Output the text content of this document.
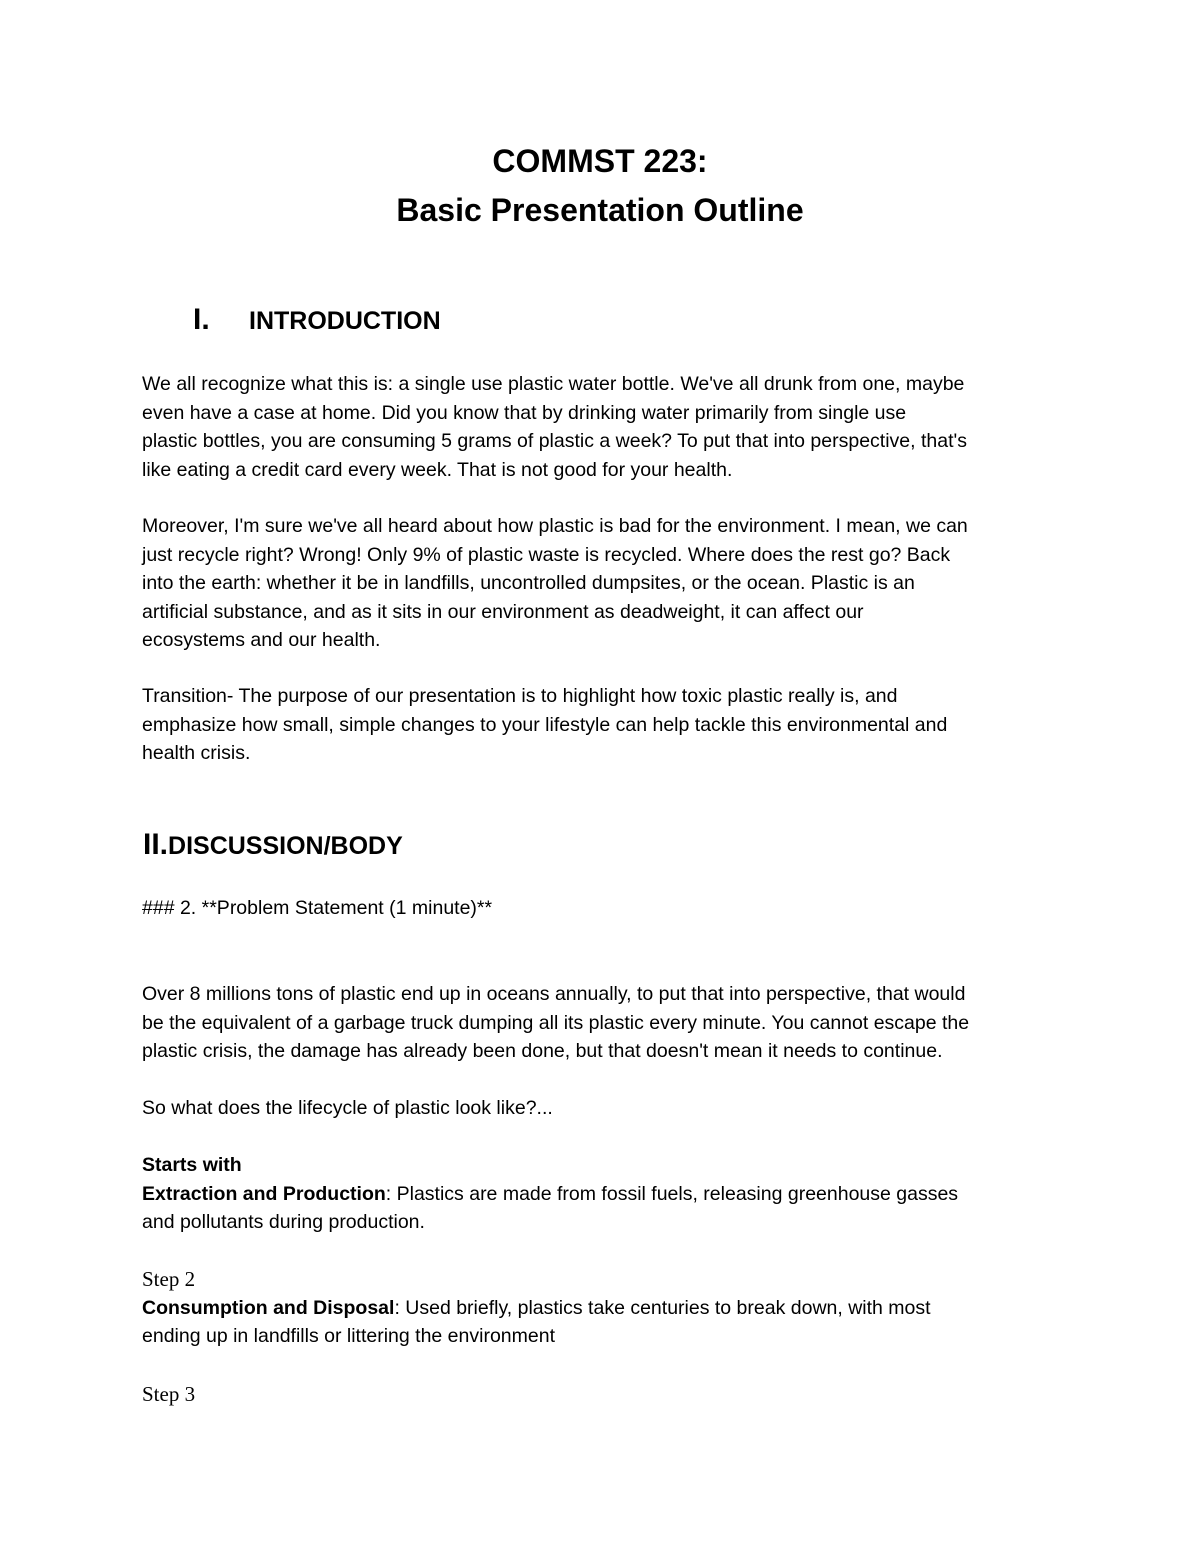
COMMST 223:
Basic Presentation Outline
I. INTRODUCTION

We all recognize what this is: a single use plastic water bottle. We've all drunk from one, maybe
even have a case at home. Did you know that by drinking water primarily from single use
plastic bottles, you are consuming 5 grams of plastic a week? To put that into perspective, that's
like eating a credit card every week. That is not good for your health.

Moreover, I'm sure we've all heard about how plastic is bad for the environment. I mean, we can
just recycle right? Wrong! Only 9% of plastic waste is recycled. Where does the rest go? Back
into the earth: whether it be in landfills, uncontrolled dumpsites, or the ocean. Plastic is an
artificial substance, and as it sits in our environment as deadweight, it can affect our
ecosystems and our health.

Transition- The purpose of our presentation is to highlight how toxic plastic really is, and
emphasize how small, simple changes to your lifestyle can help tackle this environmental and
health crisis.

II.DISCUSSION/BODY

### 2. **Problem Statement (1 minute)**

Over 8 millions tons of plastic end up in oceans annually, to put that into perspective, that would
be the equivalent of a garbage truck dumping all its plastic every minute. You cannot escape the
plastic crisis, the damage has already been done, but that doesn't mean it needs to continue.

So what does the lifecycle of plastic look like?...

Starts with
Extraction and Production: Plastics are made from fossil fuels, releasing greenhouse gasses
and pollutants during production.

Step 2
Consumption and Disposal: Used briefly, plastics take centuries to break down, with most
ending up in landfills or littering the environment

Step 3
